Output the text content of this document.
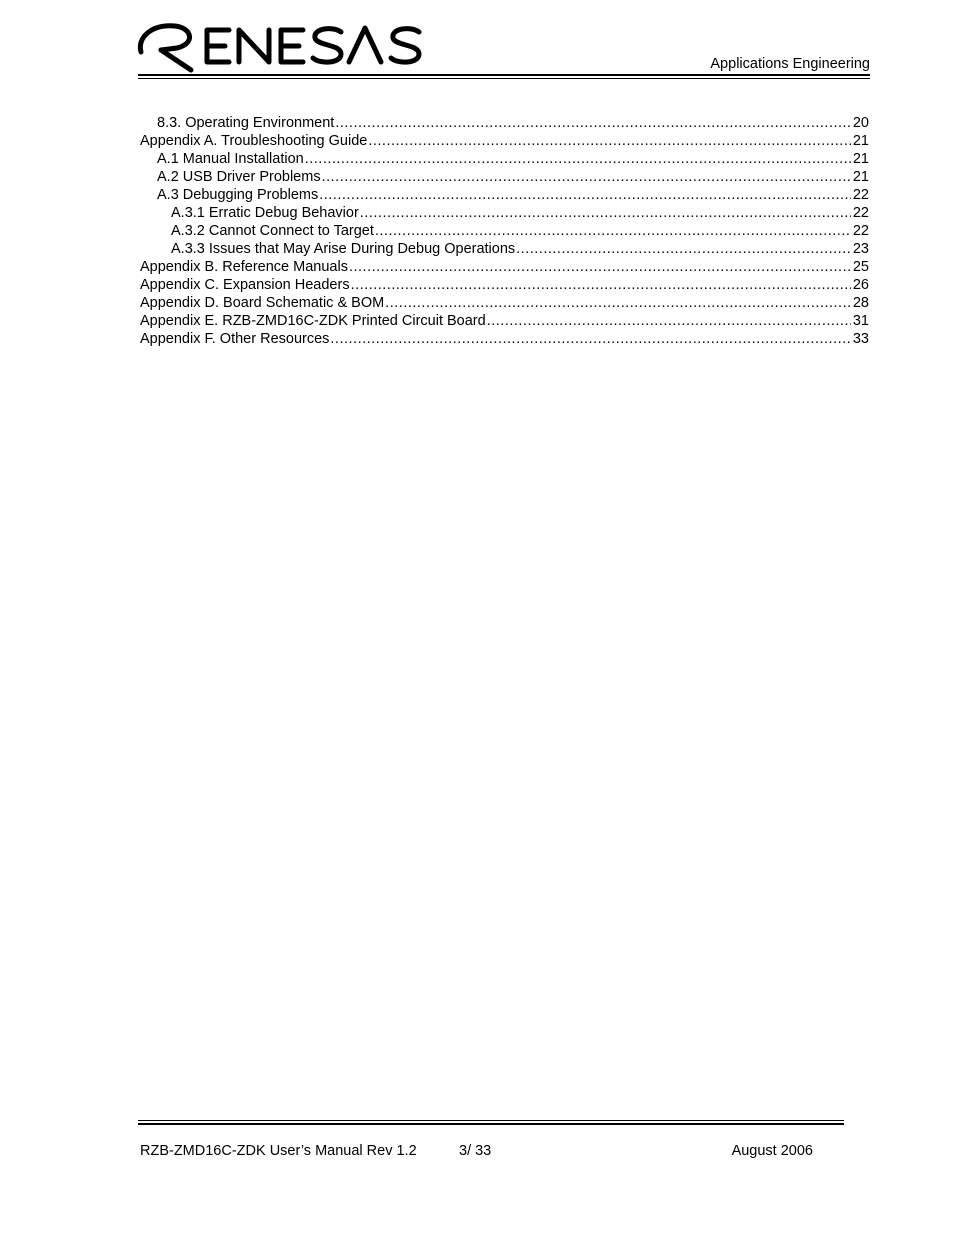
Applications Engineering
8.3. Operating Environment .....	20
Appendix A. Troubleshooting Guide .....	21
A.1 Manual Installation .....	21
A.2 USB Driver Problems .....	21
A.3 Debugging Problems .....	22
A.3.1 Erratic Debug Behavior .....	22
A.3.2 Cannot Connect to Target .....	22
A.3.3 Issues that May Arise During Debug Operations .....	23
Appendix B. Reference Manuals .....	25
Appendix C. Expansion Headers .....	26
Appendix D. Board Schematic & BOM .....	28
Appendix E. RZB-ZMD16C-ZDK Printed Circuit Board .....	31
Appendix F. Other Resources .....	33
RZB-ZMD16C-ZDK User’s Manual Rev 1.2	3/ 33	August 2006
